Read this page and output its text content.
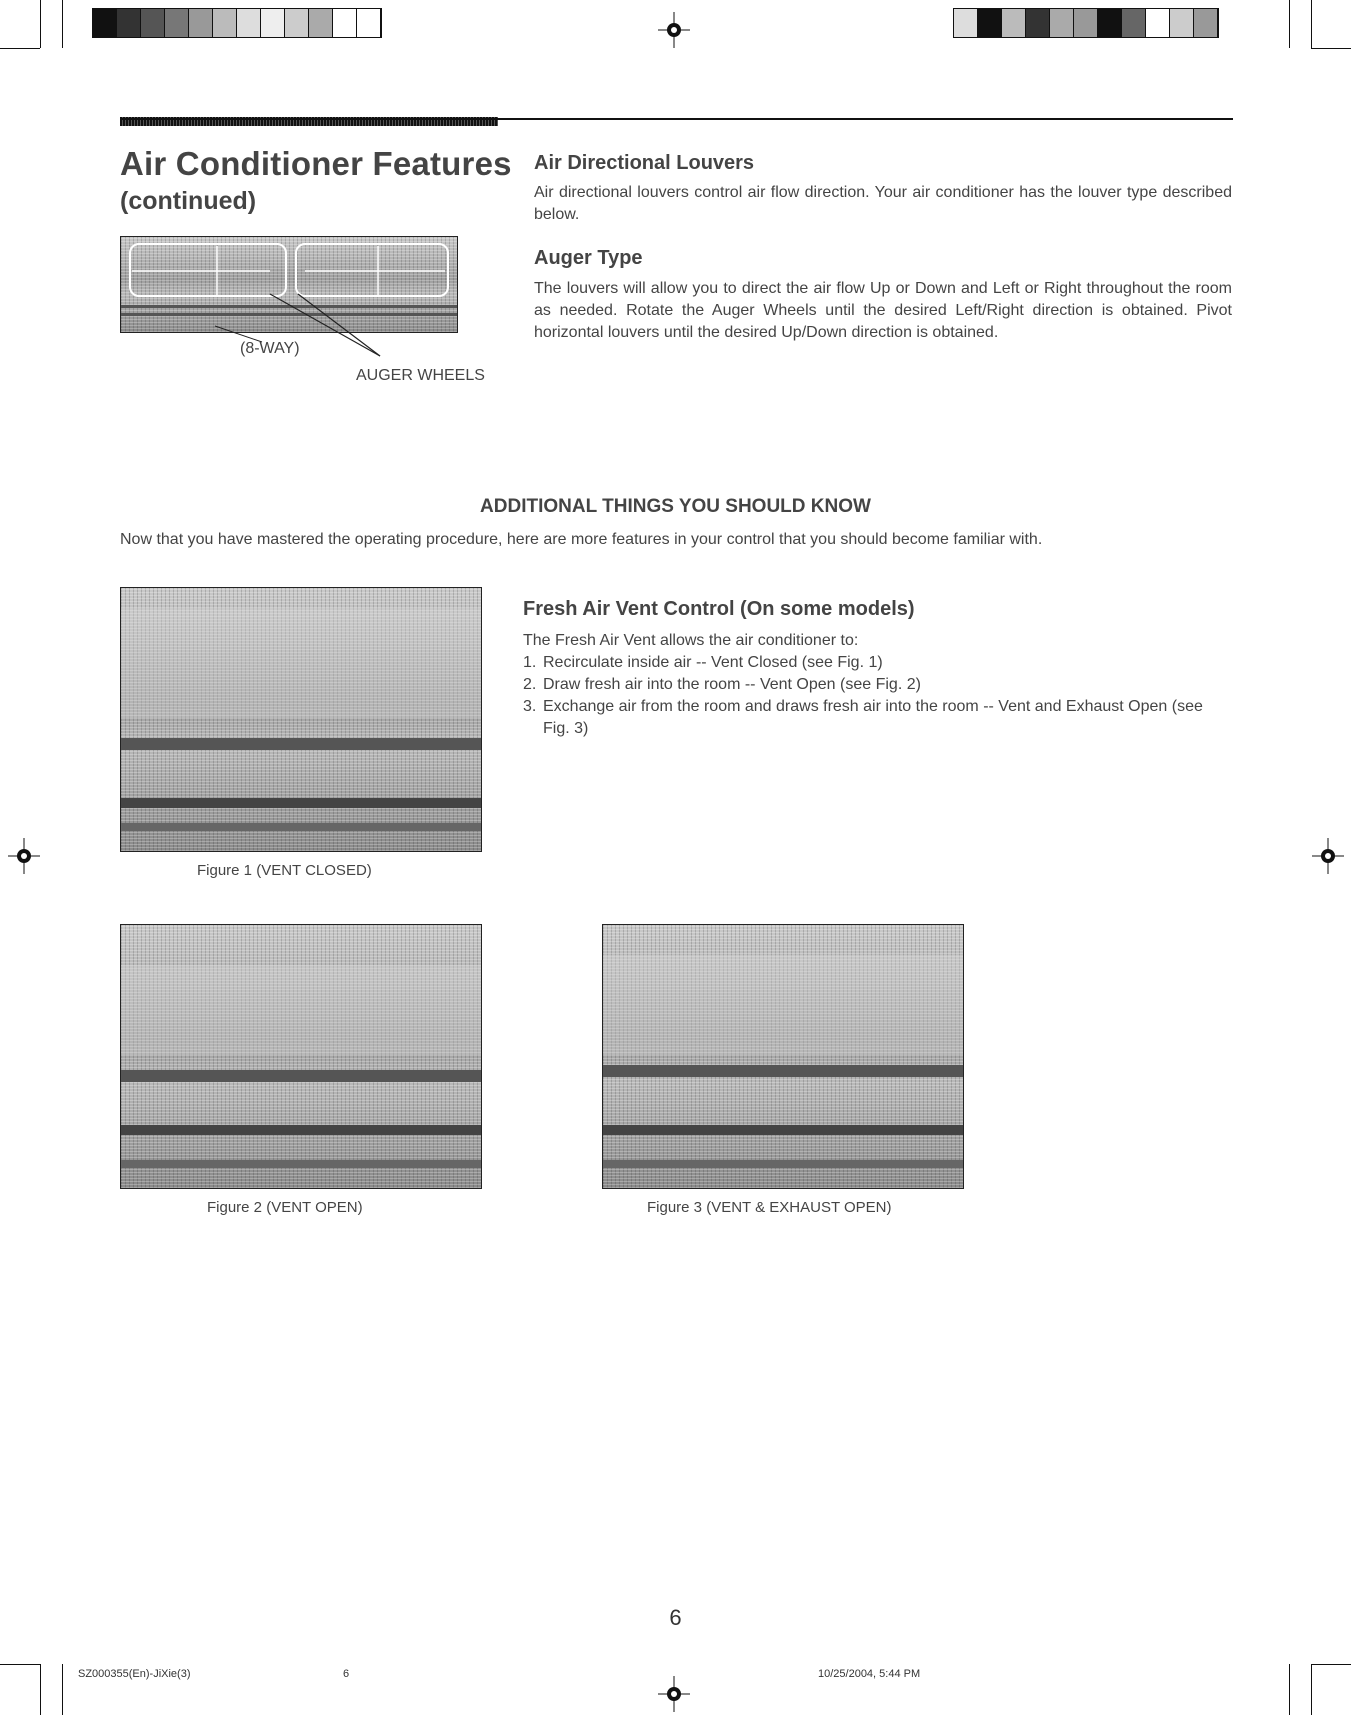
Air Conditioner Features
(continued)
(8-WAY)
AUGER WHEELS
Air Directional Louvers
Air directional louvers control air flow direction. Your air conditioner has the louver type described below.
Auger Type
The louvers will allow you to direct the air flow Up or Down and Left or Right throughout the room as needed. Rotate the Auger Wheels until the desired Left/Right direction is obtained. Pivot horizontal louvers until the desired Up/Down direction is obtained.
ADDITIONAL THINGS YOU SHOULD KNOW
Now that you have mastered the operating procedure, here are more features in your control that you should become familiar with.
Figure 1 (VENT CLOSED)
Fresh Air Vent Control (On some models)
The Fresh Air Vent allows the air conditioner to:
1. Recirculate inside air -- Vent Closed (see Fig. 1)
2. Draw fresh air into the room -- Vent Open (see Fig. 2)
3. Exchange air from the room and draws fresh air into the room -- Vent and Exhaust Open (see Fig. 3)
Figure 2 (VENT OPEN)	Figure 3 (VENT & EXHAUST OPEN)
6
SZ000355(En)-JiXie(3)	6	10/25/2004, 5:44 PM
